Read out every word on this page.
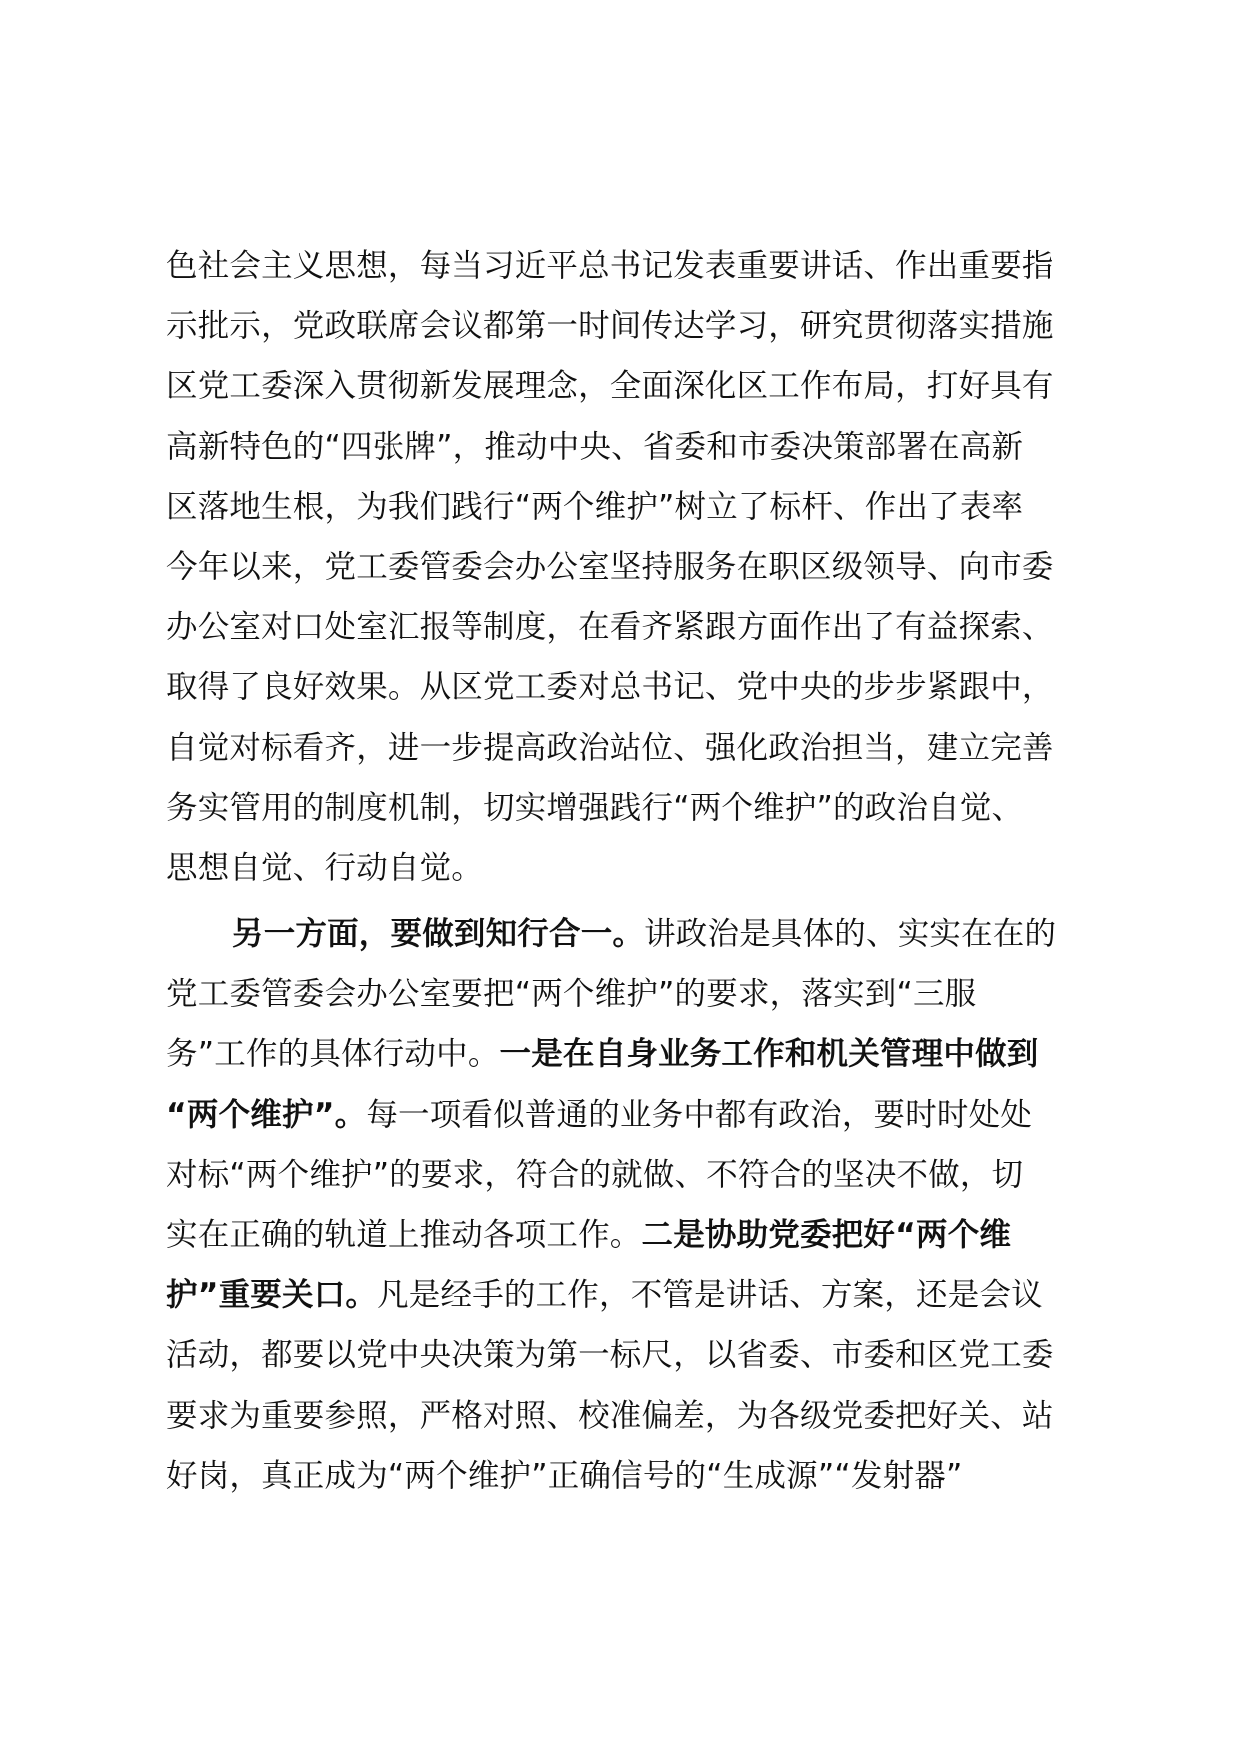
色社会主义思想，每当习近平总书记发表重要讲话、作出重要指
示批示，党政联席会议都第一时间传达学习，研究贯彻落实措施
区党工委深入贯彻新发展理念，全面深化区工作布局，打好具有
高新特色的“四张牌”，推动中央、省委和市委决策部署在高新
区落地生根，为我们践行“两个维护”树立了标杆、作出了表率
今年以来，党工委管委会办公室坚持服务在职区级领导、向市委
办公室对口处室汇报等制度，在看齐紧跟方面作出了有益探索、
取得了良好效果。从区党工委对总书记、党中央的步步紧跟中，
自觉对标看齐，进一步提高政治站位、强化政治担当，建立完善
务实管用的制度机制，切实增强践行“两个维护”的政治自觉、
思想自觉、行动自觉。
另一方面，要做到知行合一。讲政治是具体的、实实在在的
党工委管委会办公室要把“两个维护”的要求，落实到“三服
务”工作的具体行动中。一是在自身业务工作和机关管理中做到
“两个维护”。每一项看似普通的业务中都有政治，要时时处处
对标“两个维护”的要求，符合的就做、不符合的坚决不做，切
实在正确的轨道上推动各项工作。二是协助党委把好“两个维
护”重要关口。凡是经手的工作，不管是讲话、方案，还是会议
活动，都要以党中央决策为第一标尺，以省委、市委和区党工委
要求为重要参照，严格对照、校准偏差，为各级党委把好关、站
好岗，真正成为“两个维护”正确信号的“生成源”“发射器”
